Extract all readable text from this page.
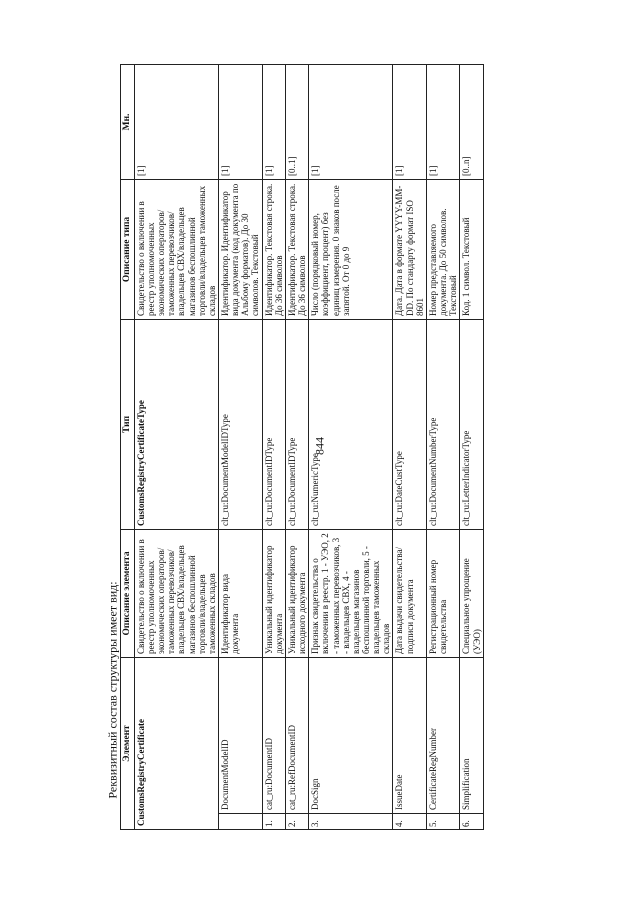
844
Реквизитный состав структуры имеет вид: Элемент		Описание элемента	Тип	Описание типа	Мн.
CustomsRegistryCertificate		Свидетельство о включении в реестр уполномоченных экономических операторов/таможенных перевозчиков/владельцев СВХ/владельцев магазинов беспошлинной торговли/владельцев таможенных складов	CustomsRegistryCertificateType	Свидетельство о включении в реестр уполномоченных экономических операторов/таможенных перевозчиков/владельцев СВХ/владельцев магазинов беспошлинной торговли/владельцев таможенных складов	[1]
	DocumentModelID	Идентификатор вида документа	clt_ru:DocumentModelIDType	Идентификатор. Идентификатор вида документа (код документа по Альбому форматов). До 30 символов. Текстовый	[1]
1.	cat_ru:DocumentID	Уникальный идентификатор документа	clt_ru:DocumentIDType	Идентификатор. Текстовая строка. До 36 символов	[1]
2.	cat_ru:RefDocumentID	Уникальный идентификатор исходного документа	clt_ru:DocumentIDType	Идентификатор. Текстовая строка. До 36 символов	[0..1]
3.	DocSign	Признак свидетельства о включении в реестр. 1 - УЭО, 2 - таможенных перевозчиков, 3 - владельцев СВХ, 4 - владельцев магазинов беспошлинной торговли, 5 - владельцев таможенных складов	clt_ru:NumericType	Число (порядковый номер, коэффициент, процент) без единиц измерения. 0 знаков после запятой. От 0 до 9	[1]
4.	IssueDate	Дата выдачи свидетельства/подписи документа	clt_ru:DateCustType	Дата. Дата в формате YYYY-MM-DD. По стандарту формат ISO 8601	[1]
5.	CertificateRegNumber	Регистрационный номер свидетельства	clt_ru:DocumentNumberType	Номер представляемого документа. До 50 символов. Текстовый	[1]
6.	Simplification	Специальное упрощение (УЭО)	clt_ru:LetterIndicatorType	Код. 1 символ. Текстовый	[0..n]
